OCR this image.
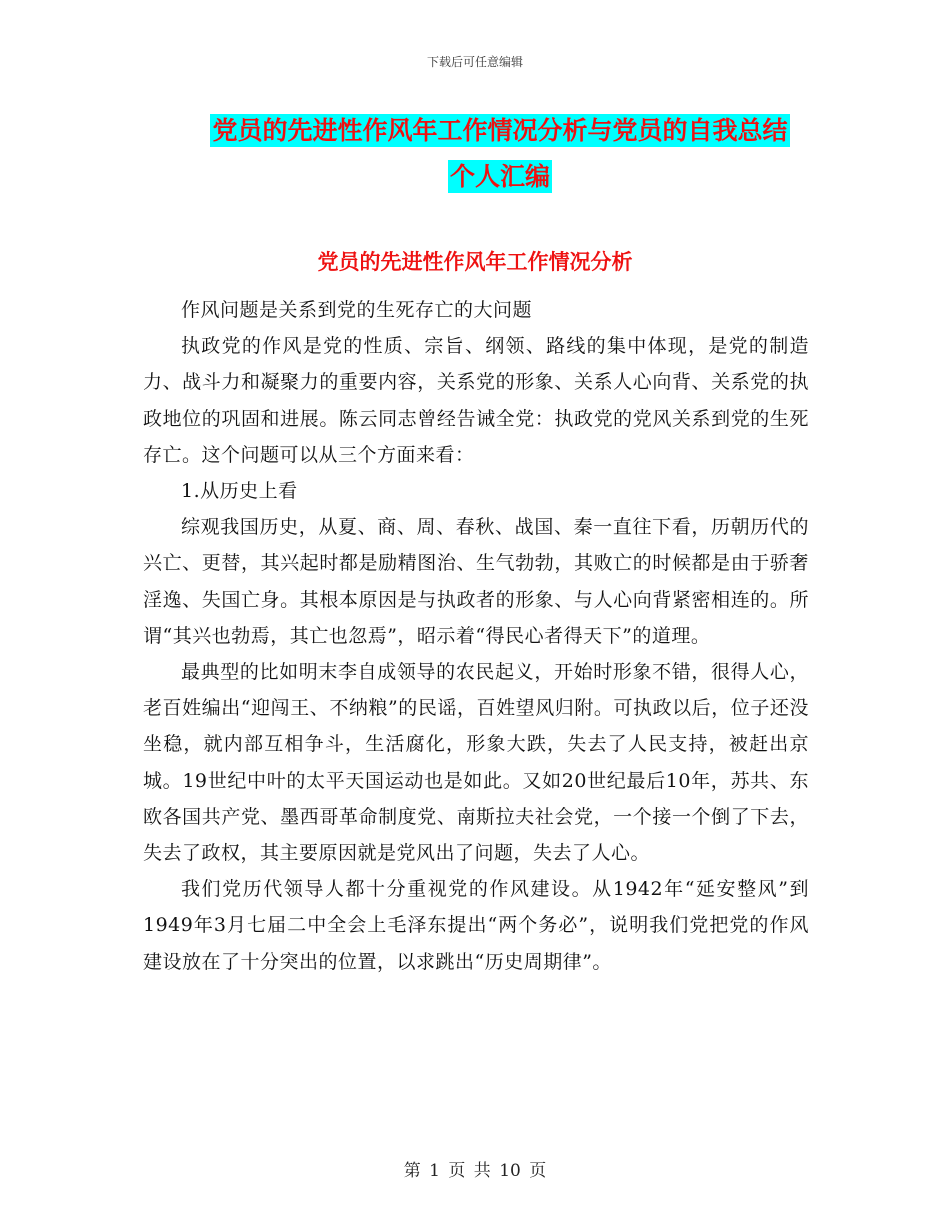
下载后可任意编辑
党员的先进性作风年工作情况分析与党员的自我总结
个人汇编
党员的先进性作风年工作情况分析

作风问题是关系到党的生死存亡的大问题

执政党的作风是党的性质、宗旨、纲领、路线的集中体现，是党的制造力、战斗力和凝聚力的重要内容，关系党的形象、关系人心向背、关系党的执政地位的巩固和进展。陈云同志曾经告诫全党：执政党的党风关系到党的生死存亡。这个问题可以从三个方面来看：

1.从历史上看

综观我国历史，从夏、商、周、春秋、战国、秦一直往下看，历朝历代的兴亡、更替，其兴起时都是励精图治、生气勃勃，其败亡的时候都是由于骄奢淫逸、失国亡身。其根本原因是与执政者的形象、与人心向背紧密相连的。所谓“其兴也勃焉，其亡也忽焉”，昭示着“得民心者得天下”的道理。

最典型的比如明末李自成领导的农民起义，开始时形象不错，很得人心，老百姓编出“迎闯王、不纳粮”的民谣，百姓望风归附。可执政以后，位子还没坐稳，就内部互相争斗，生活腐化，形象大跌，失去了人民支持，被赶出京城。19世纪中叶的太平天国运动也是如此。又如20世纪最后10年，苏共、东欧各国共产党、墨西哥革命制度党、南斯拉夫社会党，一个接一个倒了下去，失去了政权，其主要原因就是党风出了问题，失去了人心。

我们党历代领导人都十分重视党的作风建设。从1942年“延安整风”到1949年3月七届二中全会上毛泽东提出“两个务必”，说明我们党把党的作风建设放在了十分突出的位置，以求跳出“历史周期律”。

第 1 页 共 10 页
